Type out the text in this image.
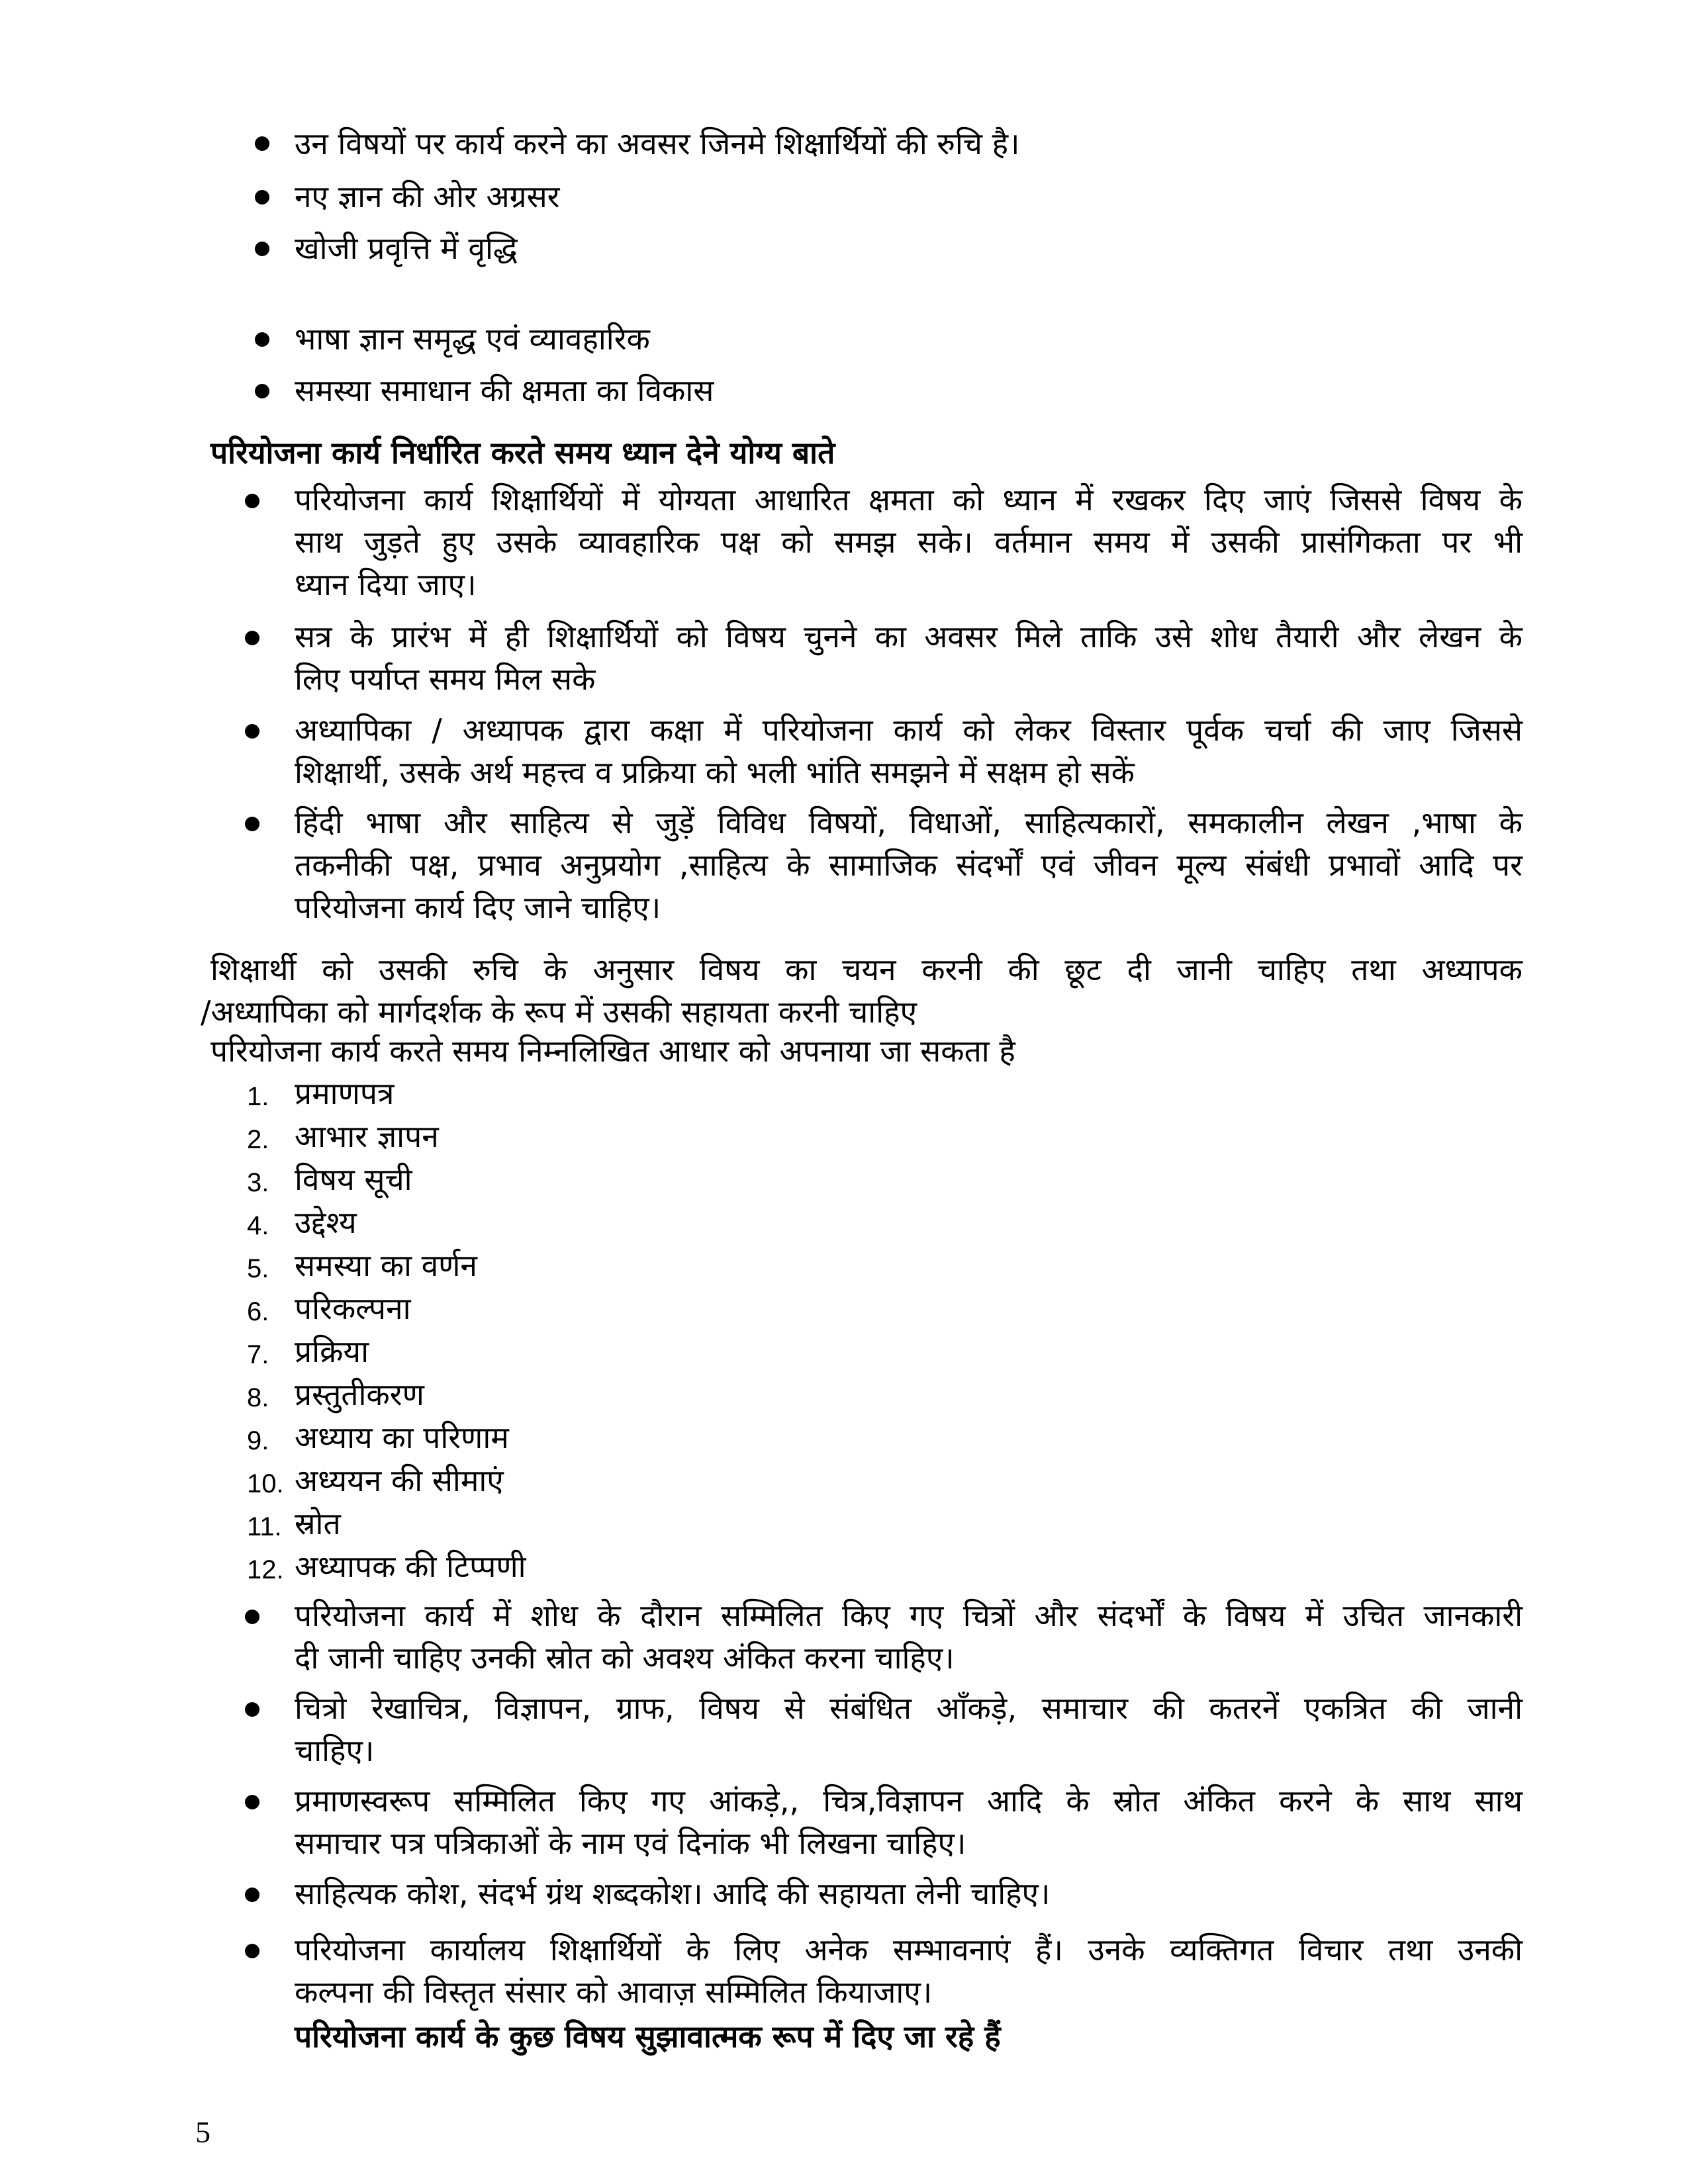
उन विषयों पर कार्य करने का अवसर जिनमे शिक्षार्थियों की रुचि है।
नए ज्ञान की ओर अग्रसर
खोजी प्रवृत्ति में वृद्धि
भाषा ज्ञान समृद्ध एवं व्यावहारिक
समस्या समाधान की क्षमता का विकास
परियोजना कार्य निर्धारित करते समय ध्यान देने योग्य बाते
परियोजना कार्य शिक्षार्थियों में योग्यता आधारित क्षमता को ध्यान में रखकर दिए जाएं जिससे विषय के
साथ जुड़ते हुए उसके व्यावहारिक पक्ष को समझ सके। वर्तमान समय में उसकी प्रासंगिकता पर भी
ध्यान दिया जाए।
सत्र के प्रारंभ में ही शिक्षार्थियों को विषय चुनने का अवसर मिले ताकि उसे शोध तैयारी और लेखन के
लिए पर्याप्त समय मिल सके
अध्यापिका / अध्यापक द्वारा कक्षा में परियोजना कार्य को लेकर विस्तार पूर्वक चर्चा की जाए जिससे
शिक्षार्थी, उसके अर्थ महत्त्व व प्रक्रिया को भली भांति समझने में सक्षम हो सकें
हिंदी भाषा और साहित्य से जुड़ें विविध विषयों, विधाओं, साहित्यकारों, समकालीन लेखन ,भाषा के
तकनीकी पक्ष, प्रभाव अनुप्रयोग ,साहित्य के सामाजिक संदर्भों एवं जीवन मूल्य संबंधी प्रभावों आदि पर
परियोजना कार्य दिए जाने चाहिए।
शिक्षार्थी को उसकी रुचि के अनुसार विषय का चयन करनी की छूट दी जानी चाहिए तथा अध्यापक
/अध्यापिका को मार्गदर्शक के रूप में उसकी सहायता करनी चाहिए
परियोजना कार्य करते समय निम्नलिखित आधार को अपनाया जा सकता है
1. प्रमाणपत्र
2. आभार ज्ञापन
3. विषय सूची
4. उद्देश्य
5. समस्या का वर्णन
6. परिकल्पना
7. प्रक्रिया
8. प्रस्तुतीकरण
9. अध्याय का परिणाम
10. अध्ययन की सीमाएं
11. स्रोत
12. अध्यापक की टिप्पणी
परियोजना कार्य में शोध के दौरान सम्मिलित किए गए चित्रों और संदर्भों के विषय में उचित जानकारी
दी जानी चाहिए उनकी स्रोत को अवश्य अंकित करना चाहिए।
चित्रो रेखाचित्र, विज्ञापन, ग्राफ, विषय से संबंधित आँकड़े, समाचार की कतरनें एकत्रित की जानी
चाहिए।
प्रमाणस्वरूप सम्मिलित किए गए आंकड़े,, चित्र,विज्ञापन आदि के स्रोत अंकित करने के साथ साथ
समाचार पत्र पत्रिकाओं के नाम एवं दिनांक भी लिखना चाहिए।
साहित्यक कोश, संदर्भ ग्रंथ शब्दकोश। आदि की सहायता लेनी चाहिए।
परियोजना कार्यालय शिक्षार्थियों के लिए अनेक सम्भावनाएं हैं। उनके व्यक्तिगत विचार तथा उनकी
कल्पना की विस्तृत संसार को आवाज़ सम्मिलित कियाजाए।
परियोजना कार्य के कुछ विषय सुझावात्मक रूप में दिए जा रहे हैं
5
